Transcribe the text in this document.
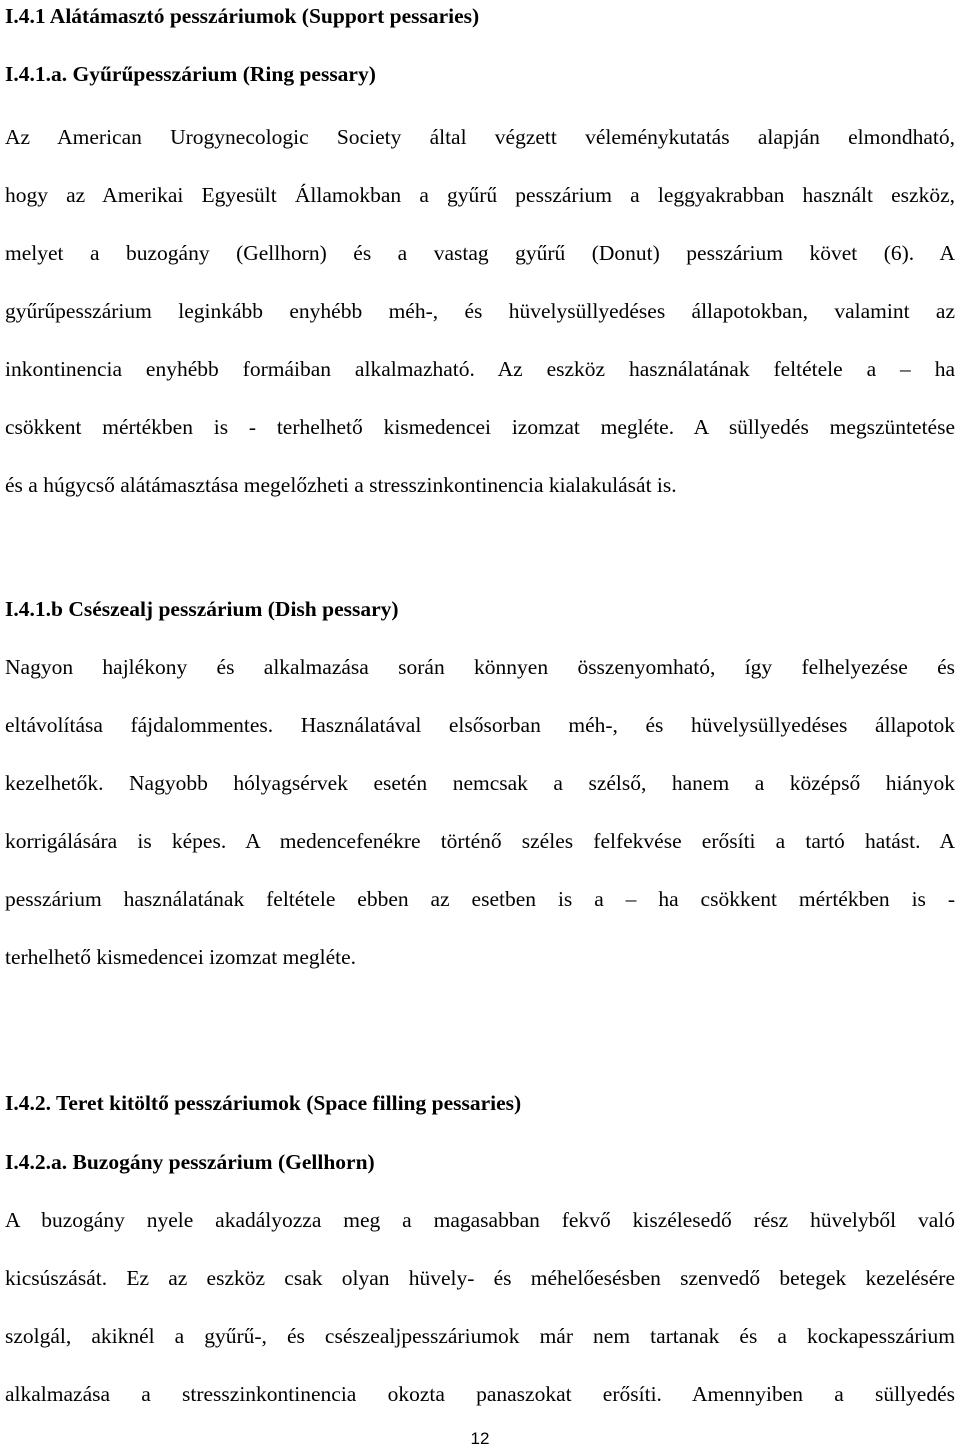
I.4.1 Alátámasztó pesszáriumok (Support pessaries)
I.4.1.a. Gyűrűpesszárium (Ring pessary)
Az American Urogynecologic Society által végzett véleménykutatás alapján elmondható,
hogy az Amerikai Egyesült Államokban a gyűrű pesszárium a leggyakrabban használt eszköz,
melyet a buzogány (Gellhorn) és a vastag gyűrű (Donut) pesszárium követ (6). A
gyűrűpesszárium leginkább enyhébb méh-, és hüvelysüllyedéses állapotokban, valamint az
inkontinencia enyhébb formáiban alkalmazható. Az eszköz használatának feltétele a – ha
csökkent mértékben is - terhelhető kismedencei izomzat megléte. A süllyedés megszüntetése
és a húgycső alátámasztása megelőzheti a stresszinkontinencia kialakulását is.
I.4.1.b Csészealj pesszárium (Dish pessary)
Nagyon hajlékony és alkalmazása során könnyen összenyomható, így felhelyezése és
eltávolítása fájdalommentes. Használatával elsősorban méh-, és hüvelysüllyedéses állapotok
kezelhetők. Nagyobb hólyagsérvek esetén nemcsak a szélső, hanem a középső hiányok
korrigálására is képes. A medencefenékre történő széles felfekvése erősíti a tartó hatást. A
pesszárium használatának feltétele ebben az esetben is a – ha csökkent mértékben is -
terhelhető kismedencei izomzat megléte.
I.4.2. Teret kitöltő pesszáriumok (Space filling pessaries)
I.4.2.a. Buzogány pesszárium (Gellhorn)
A buzogány nyele akadályozza meg a magasabban fekvő kiszélesedő rész hüvelyből való
kicsúszását. Ez az eszköz csak olyan hüvely- és méhelőesésben szenvedő betegek kezelésére
szolgál, akiknél a gyűrű-, és csészealjpesszáriumok már nem tartanak és a kockapesszárium
alkalmazása a stresszinkontinencia okozta panaszokat erősíti. Amennyiben a süllyedés
12
